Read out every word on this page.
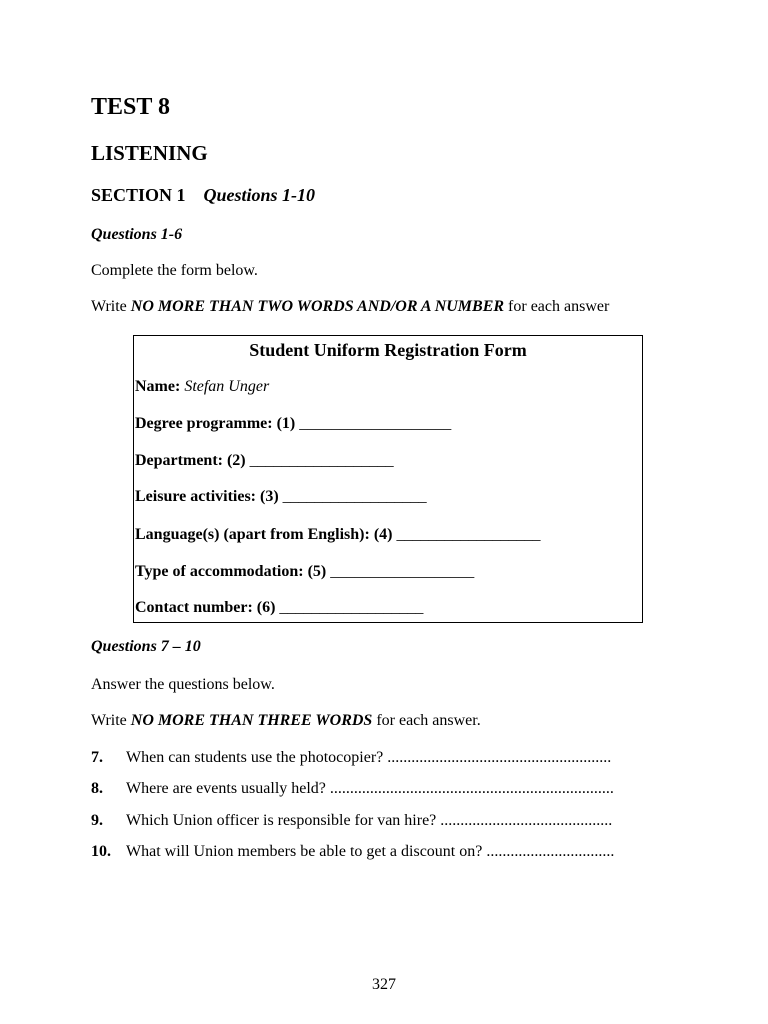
TEST 8
LISTENING
SECTION 1 Questions 1-10
Questions 1-6
Complete the form below.
Write NO MORE THAN TWO WORDS AND/OR A NUMBER for each answer
Student Uniform Registration Form
Name: Stefan Unger
Degree programme: (1) ___________________
Department: (2) __________________
Leisure activities: (3) __________________
Language(s) (apart from English): (4) __________________
Type of accommodation: (5) __________________
Contact number: (6) __________________
Questions 7 – 10
Answer the questions below.
Write NO MORE THAN THREE WORDS for each answer.
7. When can students use the photocopier? ........................................................
8. Where are events usually held? .......................................................................
9. Which Union officer is responsible for van hire? ...........................................
10. What will Union members be able to get a discount on? ................................
327
